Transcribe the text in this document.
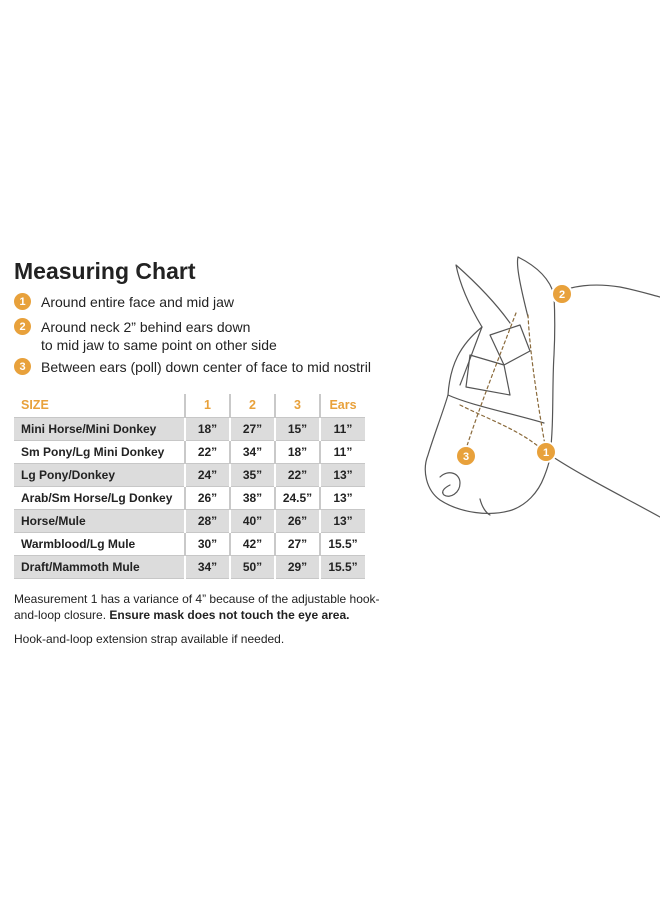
Measuring Chart
1	Around entire face and mid jaw
2	Around neck 2” behind ears down
to mid jaw to same point on other side
3	Between ears (poll) down center of face to mid nostril
SIZE	1	2	3	Ears
Mini Horse/Mini Donkey	18”	27”	15”	11”
Sm Pony/Lg Mini Donkey	22”	34”	18”	11”
Lg Pony/Donkey	24”	35”	22”	13”
Arab/Sm Horse/Lg Donkey	26”	38”	24.5”	13”
Horse/Mule	28”	40”	26”	13”
Warmblood/Lg Mule	30”	42”	27”	15.5”
Draft/Mammoth Mule	34”	50”	29”	15.5”
Measurement 1 has a variance of 4” because of the adjustable hook-and-loop closure. Ensure mask does not touch the eye area.
Hook-and-loop extension strap available if needed.
1
2
3
